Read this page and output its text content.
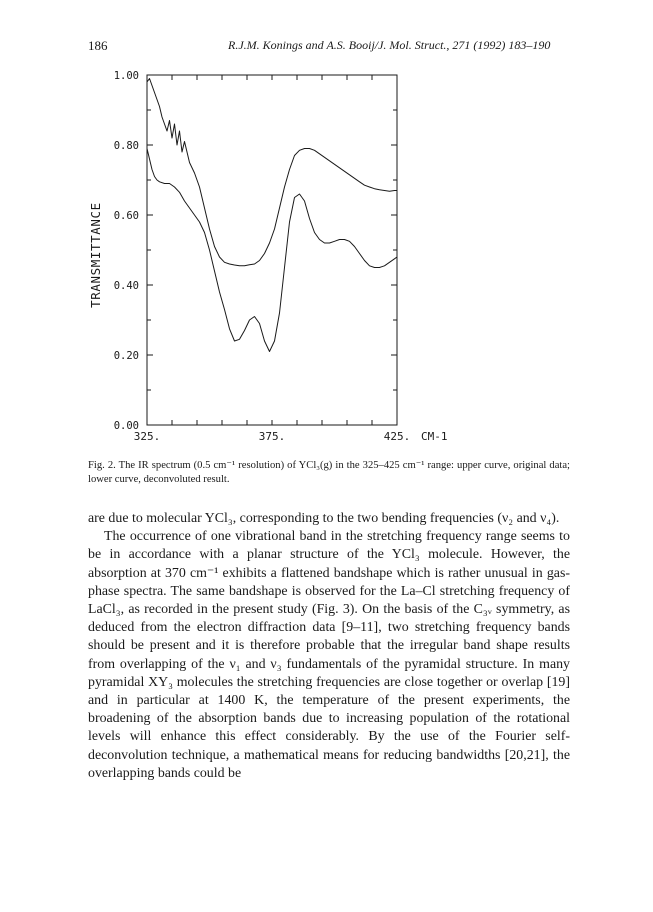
186	R.J.M. Konings and A.S. Booij/J. Mol. Struct., 271 (1992) 183–190
325.	375.	425. CM-1
0.00
0.20
0.40
0.60
0.80
1.00
TRANSMITTANCE
Fig. 2. The IR spectrum (0.5 cm⁻¹ resolution) of YCl₃(g) in the 325–425 cm⁻¹ range: upper curve, original data; lower curve, deconvoluted result.

are due to molecular YCl₃, corresponding to the two bending frequencies (ν₂ and ν₄).

The occurrence of one vibrational band in the stretching frequency range seems to be in accordance with a planar structure of the YCl₃ molecule. However, the absorption at 370 cm⁻¹ exhibits a flattened bandshape which is rather unusual in gas-phase spectra. The same bandshape is observed for the La–Cl stretching frequency of LaCl₃, as recorded in the present study (Fig. 3). On the basis of the C₃ᵥ symmetry, as deduced from the electron diffraction data [9–11], two stretching frequency bands should be present and it is therefore probable that the irregular band shape results from overlapping of the ν₁ and ν₃ fundamentals of the pyramidal structure. In many pyramidal XY₃ molecules the stretching frequencies are close together or overlap [19] and in particular at 1400 K, the temperature of the present experiments, the broadening of the absorption bands due to increasing population of the rotational levels will enhance this effect considerably. By the use of the Fourier self-deconvolution technique, a mathematical means for reducing bandwidths [20,21], the overlapping bands could be
